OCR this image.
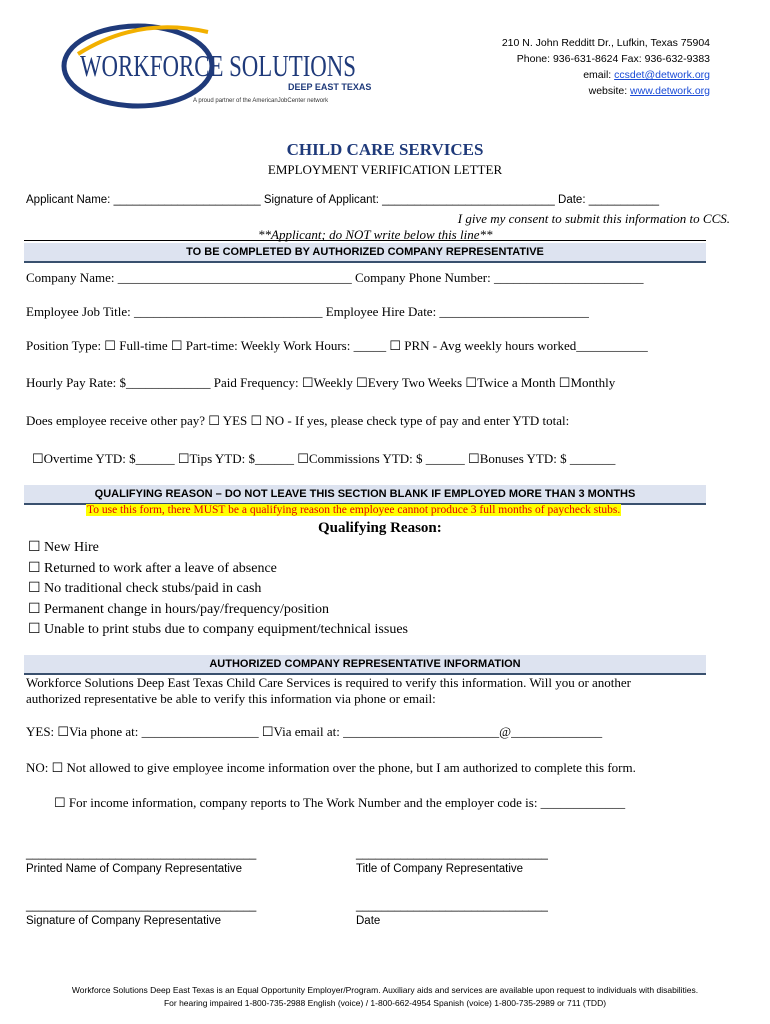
WORKFORCE SOLUTIONS
DEEP EAST TEXAS
A proud partner of the AmericanJobCenter network
210 N. John Redditt Dr., Lufkin, Texas 75904
Phone: 936-631-8624 Fax: 936-632-9383
email: ccsdet@detwork.org
website: www.detwork.org
CHILD CARE SERVICES
EMPLOYMENT VERIFICATION LETTER
Applicant Name: _______________________ Signature of Applicant: ___________________________ Date: ___________
I give my consent to submit this information to CCS.
**Applicant; do NOT write below this line**
TO BE COMPLETED BY AUTHORIZED COMPANY REPRESENTATIVE
Company Name: ____________________________________ Company Phone Number: _______________________
Employee Job Title: _____________________________ Employee Hire Date: _______________________
Position Type: ☐ Full-time ☐ Part-time: Weekly Work Hours: _____ ☐ PRN - Avg weekly hours worked___________
Hourly Pay Rate: $_____________ Paid Frequency: ☐Weekly ☐Every Two Weeks ☐Twice a Month ☐Monthly
Does employee receive other pay? ☐ YES ☐ NO - If yes, please check type of pay and enter YTD total:
☐Overtime YTD: $______ ☐Tips YTD: $______ ☐Commissions YTD: $ ______ ☐Bonuses YTD: $ _______
QUALIFYING REASON – DO NOT LEAVE THIS SECTION BLANK IF EMPLOYED MORE THAN 3 MONTHS
To use this form, there MUST be a qualifying reason the employee cannot produce 3 full months of paycheck stubs.
Qualifying Reason:
☐ New Hire
☐ Returned to work after a leave of absence
☐ No traditional check stubs/paid in cash
☐ Permanent change in hours/pay/frequency/position
☐ Unable to print stubs due to company equipment/technical issues
AUTHORIZED COMPANY REPRESENTATIVE INFORMATION
Workforce Solutions Deep East Texas Child Care Services is required to verify this information. Will you or another
authorized representative be able to verify this information via phone or email:
YES: ☐Via phone at: __________________ ☐Via email at: ________________________@______________
NO: ☐ Not allowed to give employee income information over the phone, but I am authorized to complete this form.
☐ For income information, company reports to The Work Number and the employer code is: _____________
____________________________________	______________________________
Printed Name of Company Representative	Title of Company Representative
____________________________________	______________________________
Signature of Company Representative	Date
Workforce Solutions Deep East Texas is an Equal Opportunity Employer/Program. Auxiliary aids and services are available upon request to individuals with disabilities.
For hearing impaired 1-800-735-2988 English (voice) / 1-800-662-4954 Spanish (voice) 1-800-735-2989 or 711 (TDD)
